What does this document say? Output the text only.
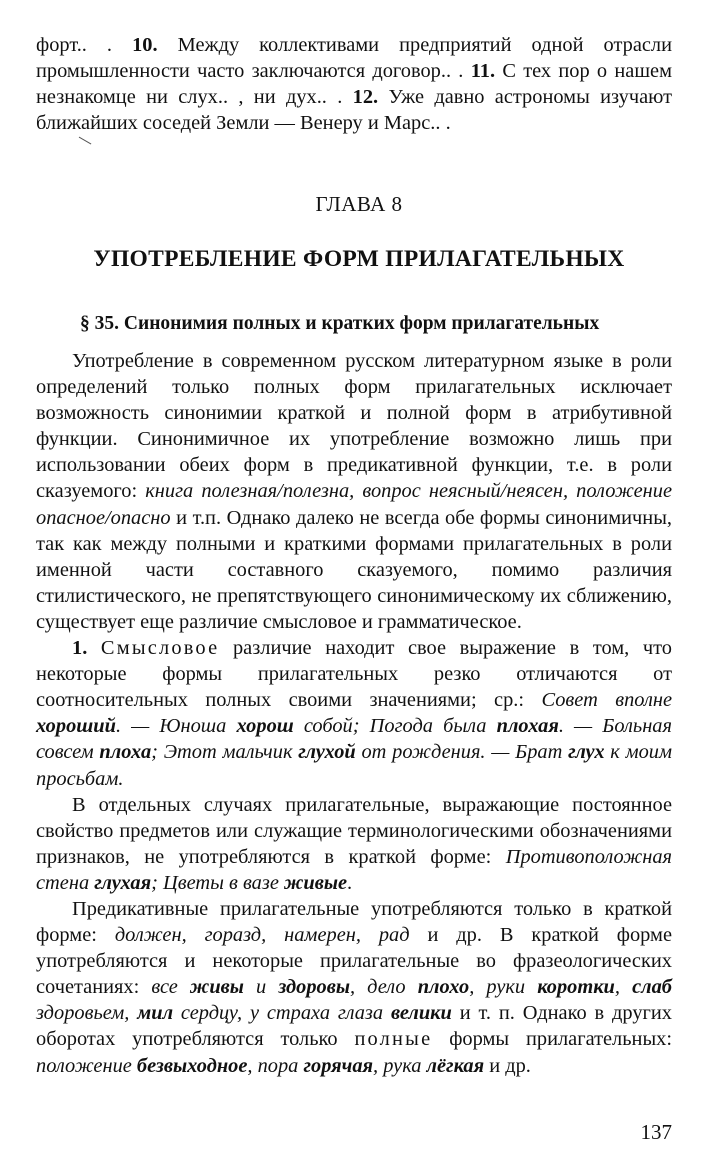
форт.. . 10. Между коллективами предприятий одной отрасли промышленности часто заключаются договор.. . 11. С тех пор о нашем незнакомце ни слух.. , ни дух.. . 12. Уже давно астрономы изучают ближайших соседей Земли — Венеру и Марс.. .

ГЛАВА 8
УПОТРЕБЛЕНИЕ ФОРМ ПРИЛАГАТЕЛЬНЫХ
§ 35. Синонимия полных и кратких форм прилагательных

Употребление в современном русском литературном языке в роли определений только полных форм прилагательных исключает возможность синонимии краткой и полной форм в атрибутивной функции. Синонимичное их употребление возможно лишь при использовании обеих форм в предикативной функции, т.е. в роли сказуемого: книга полезная/полезна, вопрос неясный/неясен, положение опасное/опасно и т.п. Однако далеко не всегда обе формы синонимичны, так как между полными и краткими формами прилагательных в роли именной части составного сказуемого, помимо различия стилистического, не препятствующего синонимическому их сближению, существует еще различие смысловое и грамматическое.

1. Смысловое различие находит свое выражение в том, что некоторые формы прилагательных резко отличаются от соотносительных полных своими значениями; ср.: Совет вполне хороший. — Юноша хорош собой; Погода была плохая. — Больная совсем плоха; Этот мальчик глухой от рождения. — Брат глух к моим просьбам.

В отдельных случаях прилагательные, выражающие постоянное свойство предметов или служащие терминологическими обозначениями признаков, не употребляются в краткой форме: Противоположная стена глухая; Цветы в вазе живые.

Предикативные прилагательные употребляются только в краткой форме: должен, горазд, намерен, рад и др. В краткой форме употребляются и некоторые прилагательные во фразеологических сочетаниях: все живы и здоровы, дело плохо, руки коротки, слаб здоровьем, мил сердцу, у страха глаза велики и т. п. Однако в других оборотах употребляются только полные формы прилагательных: положение безвыходное, пора горячая, рука лёгкая и др.

137
